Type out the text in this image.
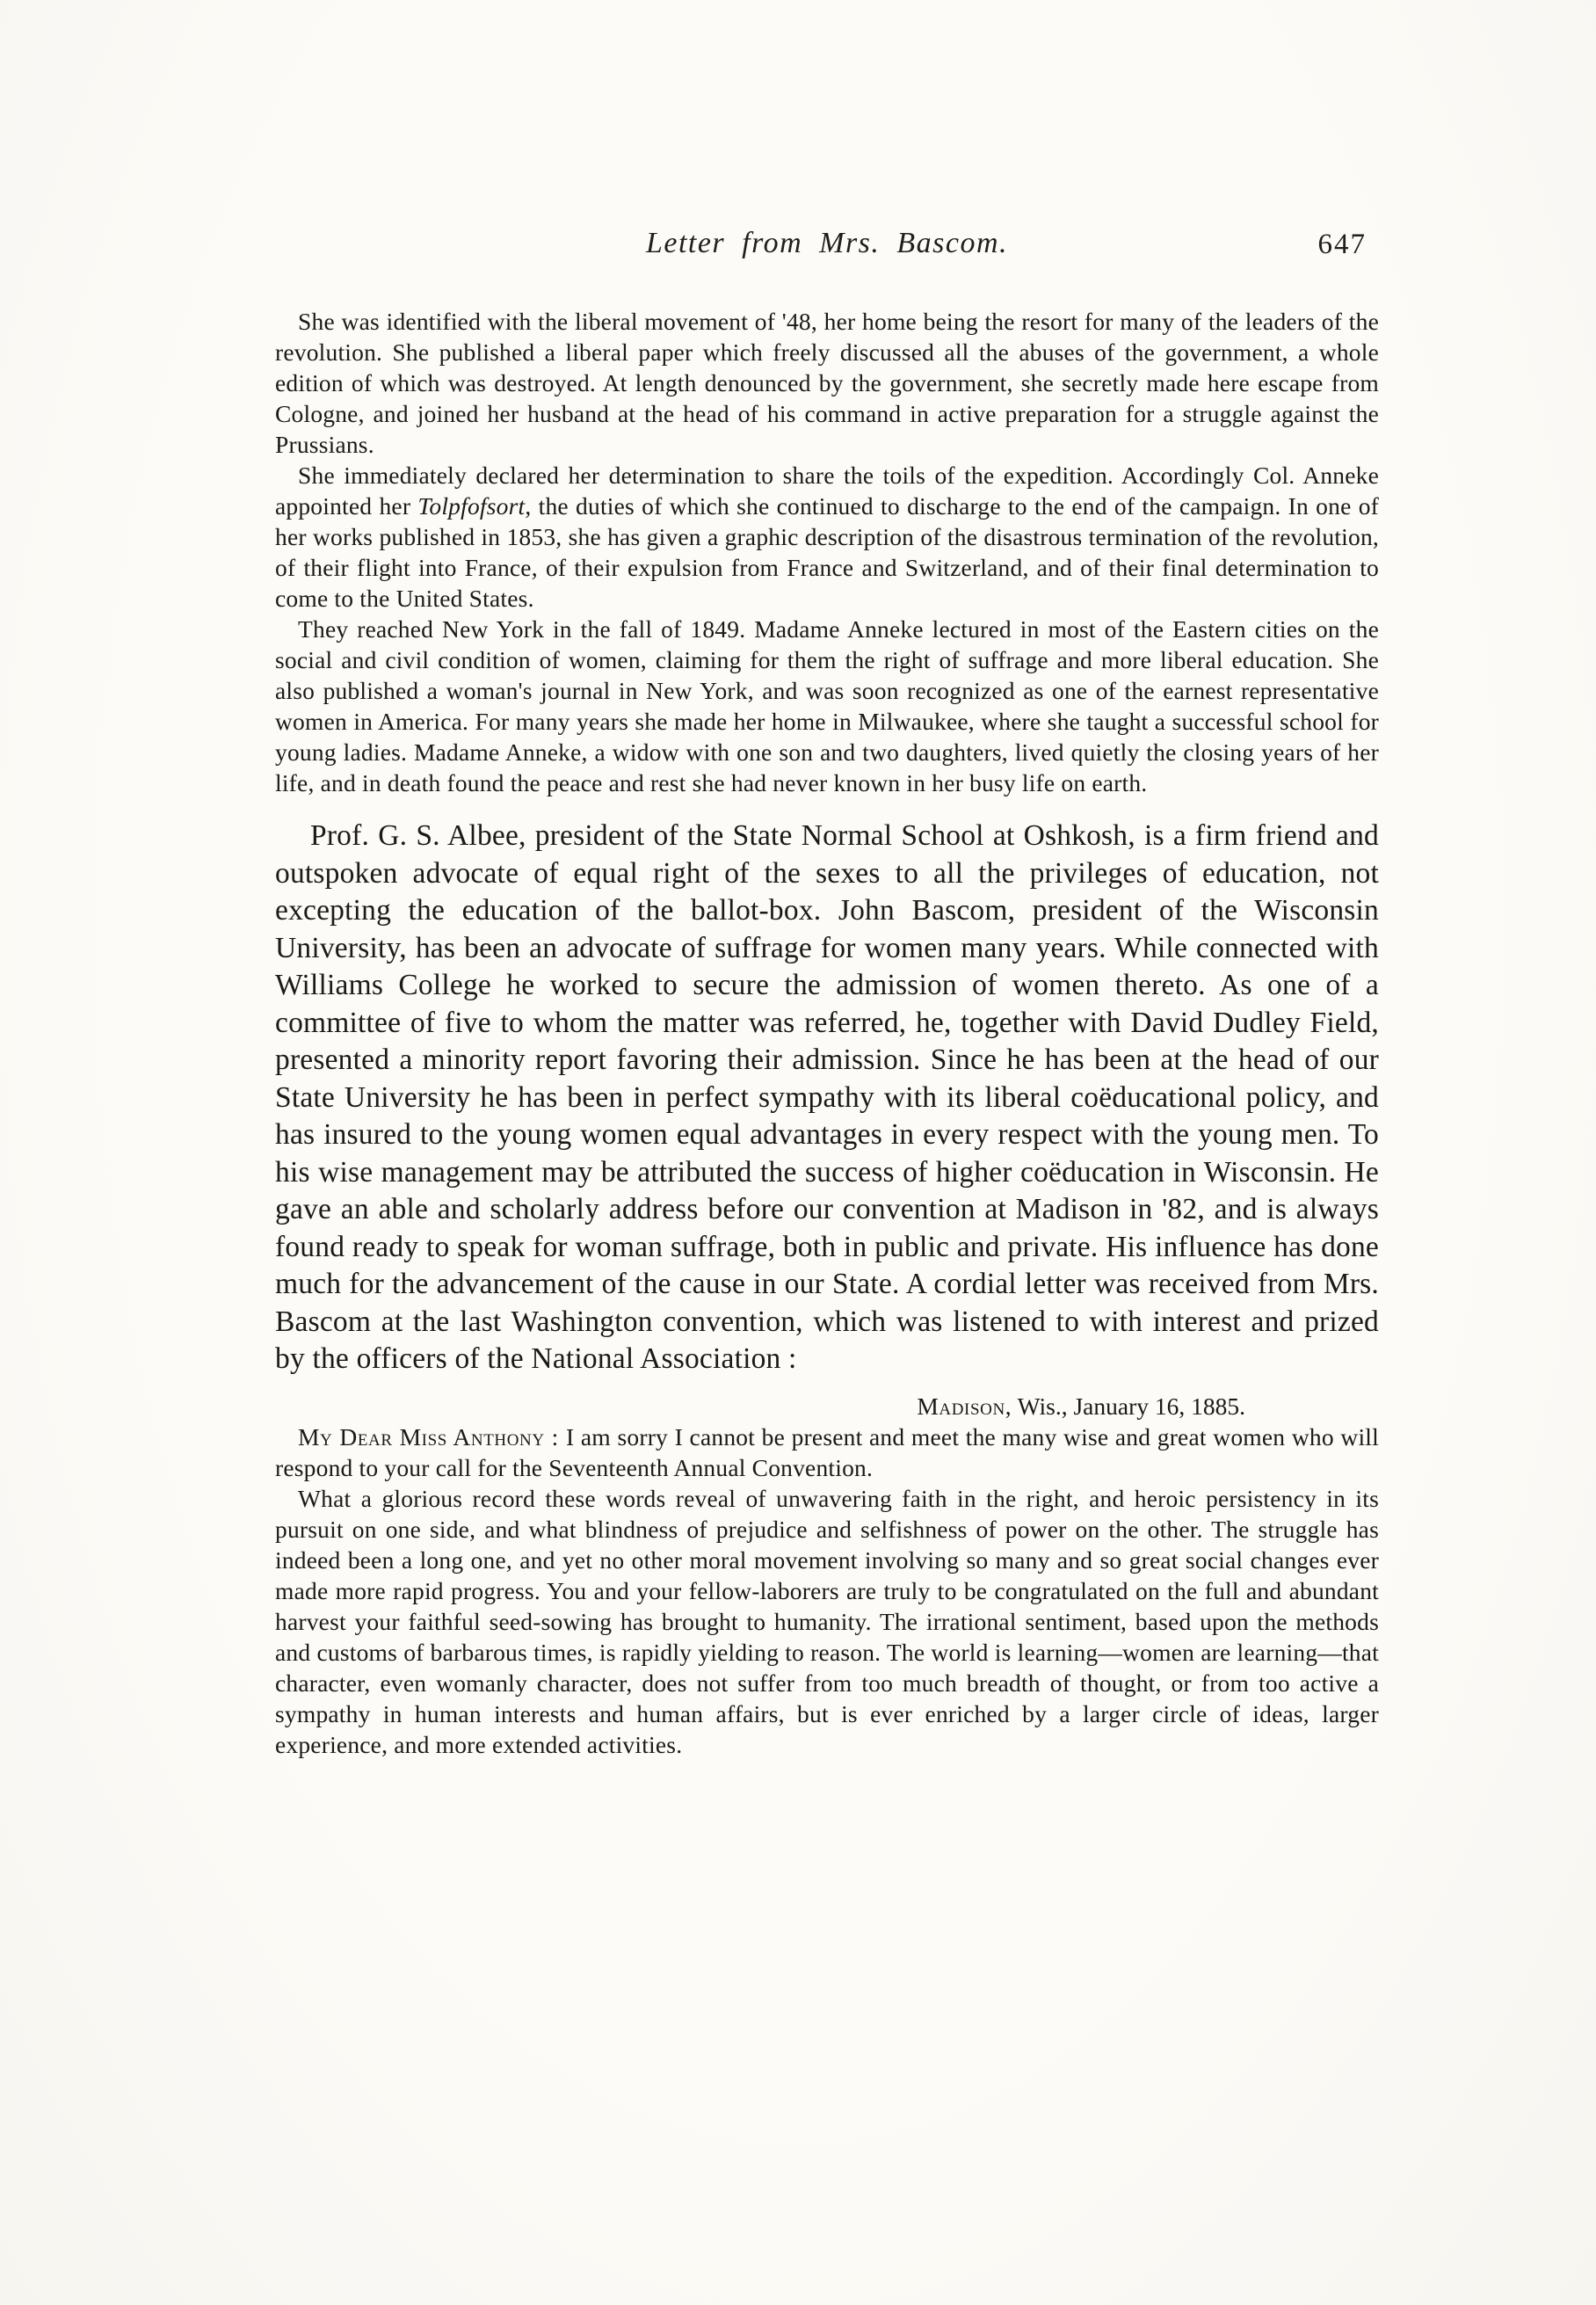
Letter from Mrs. Bascom.	647

She was identified with the liberal movement of '48, her home being the resort for many of the leaders of the revolution. She published a liberal paper which freely discussed all the abuses of the government, a whole edition of which was destroyed. At length denounced by the government, she secretly made here escape from Cologne, and joined her husband at the head of his command in active preparation for a struggle against the Prussians.

She immediately declared her determination to share the toils of the expedition. Accordingly Col. Anneke appointed her Tolpfofsort, the duties of which she continued to discharge to the end of the campaign. In one of her works published in 1853, she has given a graphic description of the disastrous termination of the revolution, of their flight into France, of their expulsion from France and Switzerland, and of their final determination to come to the United States.

They reached New York in the fall of 1849. Madame Anneke lectured in most of the Eastern cities on the social and civil condition of women, claiming for them the right of suffrage and more liberal education. She also published a woman's journal in New York, and was soon recognized as one of the earnest representative women in America. For many years she made her home in Milwaukee, where she taught a successful school for young ladies. Madame Anneke, a widow with one son and two daughters, lived quietly the closing years of her life, and in death found the peace and rest she had never known in her busy life on earth.

Prof. G. S. Albee, president of the State Normal School at Oshkosh, is a firm friend and outspoken advocate of equal right of the sexes to all the privileges of education, not excepting the education of the ballot-box. John Bascom, president of the Wisconsin University, has been an advocate of suffrage for women many years. While connected with Williams College he worked to secure the admission of women thereto. As one of a committee of five to whom the matter was referred, he, together with David Dudley Field, presented a minority report favoring their admission. Since he has been at the head of our State University he has been in perfect sympathy with its liberal coëducational policy, and has insured to the young women equal advantages in every respect with the young men. To his wise management may be attributed the success of higher coëducation in Wisconsin. He gave an able and scholarly address before our convention at Madison in '82, and is always found ready to speak for woman suffrage, both in public and private. His influence has done much for the advancement of the cause in our State. A cordial letter was received from Mrs. Bascom at the last Washington convention, which was listened to with interest and prized by the officers of the National Association :

Madison, Wis., January 16, 1885.

My Dear Miss Anthony : I am sorry I cannot be present and meet the many wise and great women who will respond to your call for the Seventeenth Annual Convention.

What a glorious record these words reveal of unwavering faith in the right, and heroic persistency in its pursuit on one side, and what blindness of prejudice and selfishness of power on the other. The struggle has indeed been a long one, and yet no other moral movement involving so many and so great social changes ever made more rapid progress. You and your fellow-laborers are truly to be congratulated on the full and abundant harvest your faithful seed-sowing has brought to humanity. The irrational sentiment, based upon the methods and customs of barbarous times, is rapidly yielding to reason. The world is learning—women are learning—that character, even womanly character, does not suffer from too much breadth of thought, or from too active a sympathy in human interests and human affairs, but is ever enriched by a larger circle of ideas, larger experience, and more extended activities.
